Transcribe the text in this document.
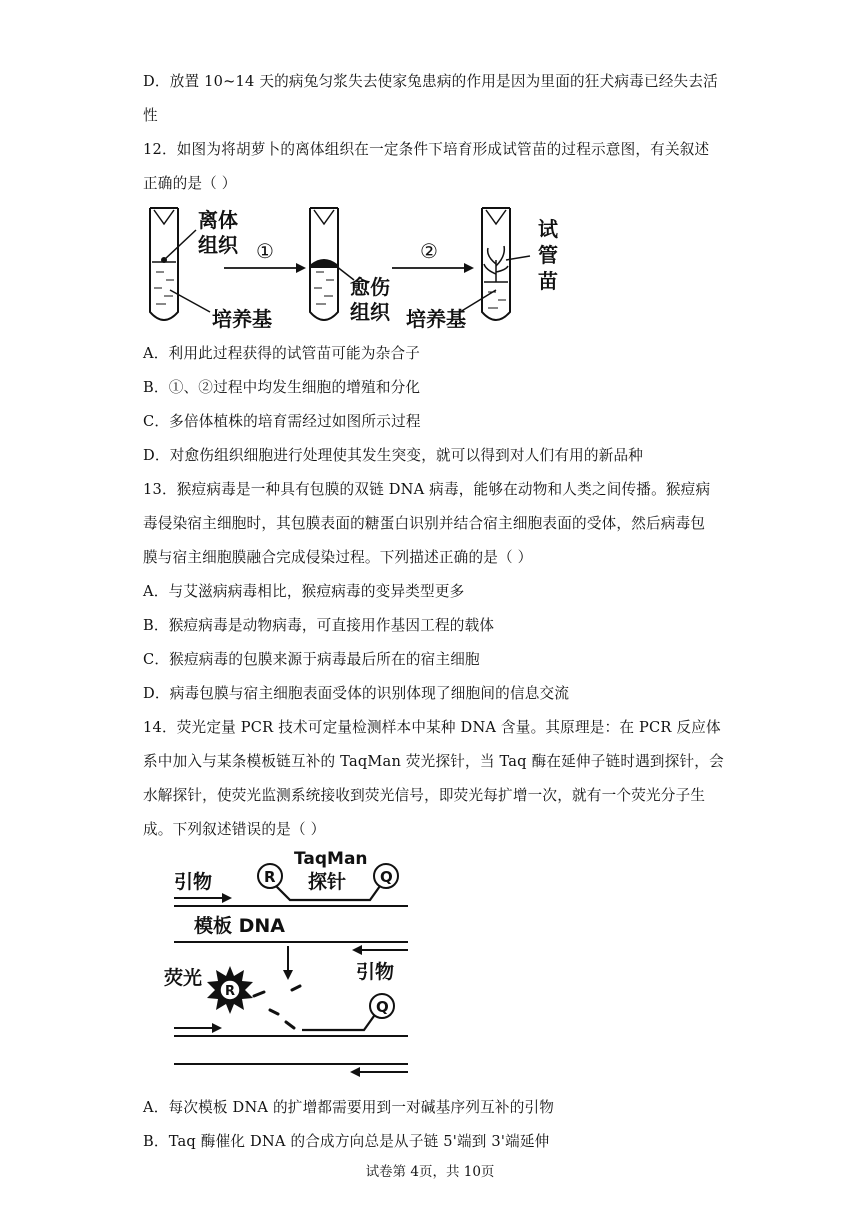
D．放置 10~14 天的病兔匀浆失去使家兔患病的作用是因为里面的狂犬病毒已经失去活
性
12．如图为将胡萝卜的离体组织在一定条件下培育形成试管苗的过程示意图，有关叙述
正确的是（ ）
离体
组织
培养基
①
愈伤
组织
②
培养基
试
管
苗
A．利用此过程获得的试管苗可能为杂合子
B．①、②过程中均发生细胞的增殖和分化
C．多倍体植株的培育需经过如图所示过程
D．对愈伤组织细胞进行处理使其发生突变，就可以得到对人们有用的新品种
13．猴痘病毒是一种具有包膜的双链 DNA 病毒，能够在动物和人类之间传播。猴痘病
毒侵染宿主细胞时，其包膜表面的糖蛋白识别并结合宿主细胞表面的受体，然后病毒包
膜与宿主细胞膜融合完成侵染过程。下列描述正确的是（ ）
A．与艾滋病病毒相比，猴痘病毒的变异类型更多
B．猴痘病毒是动物病毒，可直接用作基因工程的载体
C．猴痘病毒的包膜来源于病毒最后所在的宿主细胞
D．病毒包膜与宿主细胞表面受体的识别体现了细胞间的信息交流
14．荧光定量 PCR 技术可定量检测样本中某种 DNA 含量。其原理是：在 PCR 反应体
系中加入与某条模板链互补的 TaqMan 荧光探针，当 Taq 酶在延伸子链时遇到探针，会
水解探针，使荧光监测系统接收到荧光信号，即荧光每扩增一次，就有一个荧光分子生
成。下列叙述错误的是（ ）
引物
TaqMan
探针
R	Q
模板 DNA
引物
荧光
R
Q
A．每次模板 DNA 的扩增都需要用到一对碱基序列互补的引物
B．Taq 酶催化 DNA 的合成方向总是从子链 5'端到 3'端延伸
试卷第 4页，共 10页
